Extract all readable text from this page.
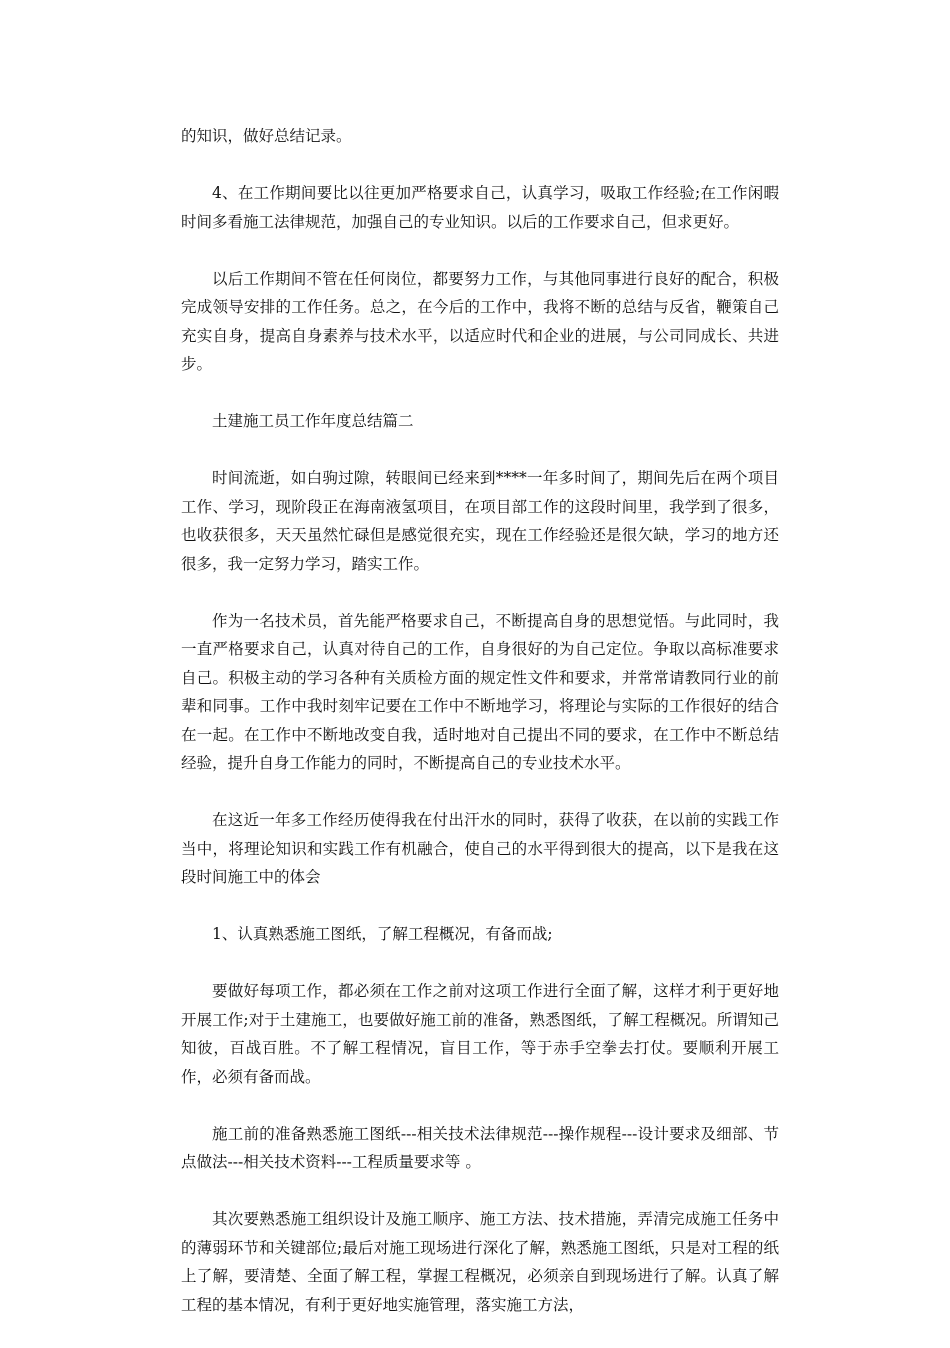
的知识，做好总结记录。

4、在工作期间要比以往更加严格要求自己，认真学习，吸取工作经验;在工作闲暇时间多看施工法律规范，加强自己的专业知识。以后的工作要求自己，但求更好。

以后工作期间不管在任何岗位，都要努力工作，与其他同事进行良好的配合，积极完成领导安排的工作任务。总之，在今后的工作中，我将不断的总结与反省，鞭策自己充实自身，提高自身素养与技术水平，以适应时代和企业的进展，与公司同成长、共进步。

土建施工员工作年度总结篇二

时间流逝，如白驹过隙，转眼间已经来到****一年多时间了，期间先后在两个项目工作、学习，现阶段正在海南液氢项目，在项目部工作的这段时间里，我学到了很多，也收获很多，天天虽然忙碌但是感觉很充实，现在工作经验还是很欠缺，学习的地方还很多，我一定努力学习，踏实工作。

作为一名技术员，首先能严格要求自己，不断提高自身的思想觉悟。与此同时，我一直严格要求自己，认真对待自己的工作，自身很好的为自己定位。争取以高标准要求自己。积极主动的学习各种有关质检方面的规定性文件和要求，并常常请教同行业的前辈和同事。工作中我时刻牢记要在工作中不断地学习，将理论与实际的工作很好的结合在一起。在工作中不断地改变自我，适时地对自己提出不同的要求，在工作中不断总结经验，提升自身工作能力的同时，不断提高自己的专业技术水平。

在这近一年多工作经历使得我在付出汗水的同时，获得了收获，在以前的实践工作当中，将理论知识和实践工作有机融合，使自己的水平得到很大的提高，以下是我在这段时间施工中的体会

1、认真熟悉施工图纸，了解工程概况，有备而战;

要做好每项工作，都必须在工作之前对这项工作进行全面了解，这样才利于更好地开展工作;对于土建施工，也要做好施工前的准备，熟悉图纸，了解工程概况。所谓知己知彼，百战百胜。不了解工程情况，盲目工作，等于赤手空拳去打仗。要顺利开展工作，必须有备而战。

施工前的准备熟悉施工图纸---相关技术法律规范---操作规程---设计要求及细部、节点做法---相关技术资料---工程质量要求等 。

其次要熟悉施工组织设计及施工顺序、施工方法、技术措施，弄清完成施工任务中的薄弱环节和关键部位;最后对施工现场进行深化了解，熟悉施工图纸，只是对工程的纸上了解，要清楚、全面了解工程，掌握工程概况，必须亲自到现场进行了解。认真了解工程的基本情况，有利于更好地实施管理，落实施工方法，
